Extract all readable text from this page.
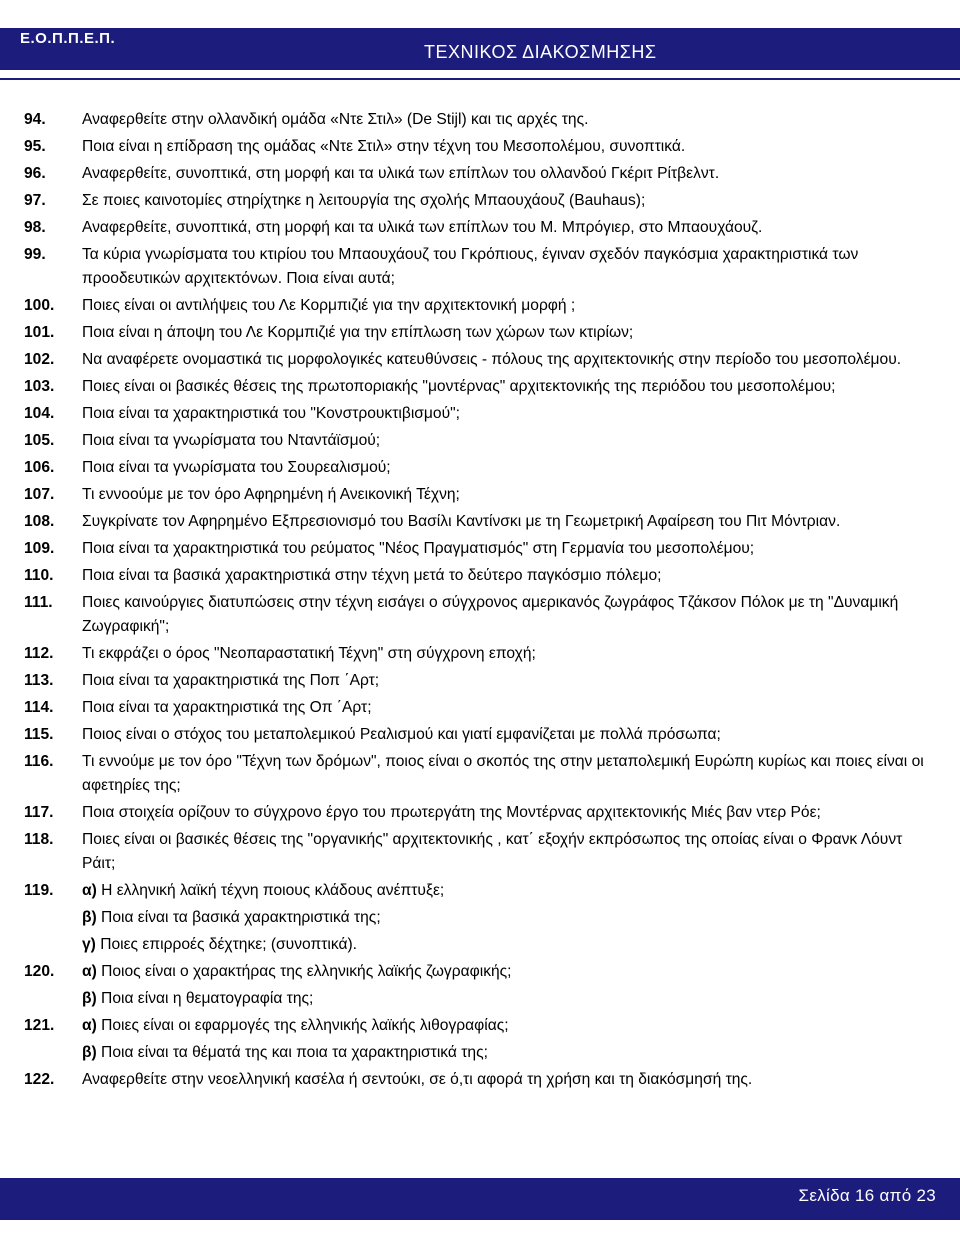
Ε.Ο.Π.Π.Ε.Π.
ΤΕΧΝΙΚΟΣ ΔΙΑΚΟΣΜΗΣΗΣ
94.	Αναφερθείτε στην ολλανδική ομάδα «Ντε Στιλ» (De Stijl) και τις αρχές της.
95.	Ποια είναι η επίδραση της ομάδας «Ντε Στιλ» στην τέχνη του Μεσοπολέμου, συνοπτικά.
96.	Αναφερθείτε, συνοπτικά, στη μορφή και τα υλικά των επίπλων του ολλανδού Γκέριτ Ρίτβελντ.
97.	Σε ποιες καινοτομίες στηρίχτηκε η λειτουργία της σχολής Μπαουχάουζ (Bauhaus);
98.	Αναφερθείτε, συνοπτικά, στη μορφή και τα υλικά των επίπλων του Μ. Μπρόγιερ, στο Μπαουχάουζ.
99.	Τα κύρια γνωρίσματα του κτιρίου του Μπαουχάουζ του Γκρόπιους, έγιναν σχεδόν παγκόσμια χαρακτηριστικά των προοδευτικών αρχιτεκτόνων. Ποια είναι αυτά;
100.	Ποιες είναι οι αντιλήψεις του Λε Κορμπιζιέ για την αρχιτεκτονική μορφή ;
101.	Ποια είναι η άποψη του Λε Κορμπιζιέ για την επίπλωση των χώρων των κτιρίων;
102.	Να αναφέρετε ονομαστικά τις μορφολογικές κατευθύνσεις - πόλους της αρχιτεκτονικής στην περίοδο του μεσοπολέμου.
103.	Ποιες είναι οι βασικές θέσεις της πρωτοποριακής "μοντέρνας" αρχιτεκτονικής της περιόδου του μεσοπολέμου;
104.	Ποια είναι τα χαρακτηριστικά του "Κονστρουκτιβισμού";
105.	Ποια είναι τα γνωρίσματα του Νταντάϊσμού;
106.	Ποια είναι τα γνωρίσματα του Σουρεαλισμού;
107.	Τι εννοούμε με τον όρο Αφηρημένη ή Ανεικονική Τέχνη;
108.	Συγκρίνατε τον Αφηρημένο Εξπρεσιονισμό του Βασίλι Καντίνσκι με τη Γεωμετρική Αφαίρεση του Πιτ Μόντριαν.
109.	Ποια είναι τα χαρακτηριστικά του ρεύματος "Νέος Πραγματισμός" στη Γερμανία του μεσοπολέμου;
110.	Ποια είναι τα βασικά χαρακτηριστικά στην τέχνη μετά το δεύτερο παγκόσμιο πόλεμο;
111.	Ποιες καινούργιες διατυπώσεις στην τέχνη εισάγει ο σύγχρονος αμερικανός ζωγράφος Τζάκσον Πόλοκ με τη "Δυναμική Ζωγραφική";
112.	Τι εκφράζει ο όρος "Νεοπαραστατική Τέχνη" στη σύγχρονη εποχή;
113.	Ποια είναι τα χαρακτηριστικά της Ποπ ΄Αρτ;
114.	Ποια είναι τα χαρακτηριστικά της Οπ ΄Αρτ;
115.	Ποιος είναι ο στόχος του μεταπολεμικού Ρεαλισμού και γιατί εμφανίζεται με πολλά πρόσωπα;
116.	Τι εννούμε με τον όρο "Τέχνη των δρόμων", ποιος είναι ο σκοπός της στην μεταπολεμική Ευρώπη κυρίως και ποιες είναι οι αφετηρίες της;
117.	Ποια στοιχεία ορίζουν το σύγχρονο έργο του πρωτεργάτη της Μοντέρνας αρχιτεκτονικής Μιές βαν ντερ Ρόε;
118.	Ποιες είναι οι βασικές θέσεις της "οργανικής" αρχιτεκτονικής , κατ΄ εξοχήν εκπρόσωπος της οποίας είναι ο Φρανκ Λόυντ Ράιτ;
119.	α) Η ελληνική λαϊκή τέχνη ποιους κλάδους ανέπτυξε;
β) Ποια είναι τα βασικά χαρακτηριστικά της;
γ) Ποιες επιρροές δέχτηκε; (συνοπτικά).
120.	α) Ποιος είναι ο χαρακτήρας της ελληνικής λαϊκής ζωγραφικής;
β) Ποια είναι η θεματογραφία της;
121.	α) Ποιες είναι οι εφαρμογές της ελληνικής λαϊκής λιθογραφίας;
β) Ποια είναι τα θέματά της και ποια τα χαρακτηριστικά της;
122.	Αναφερθείτε στην νεοελληνική κασέλα ή σεντούκι, σε ό,τι αφορά τη χρήση και τη διακόσμησή της.
Σελίδα 16 από 23
